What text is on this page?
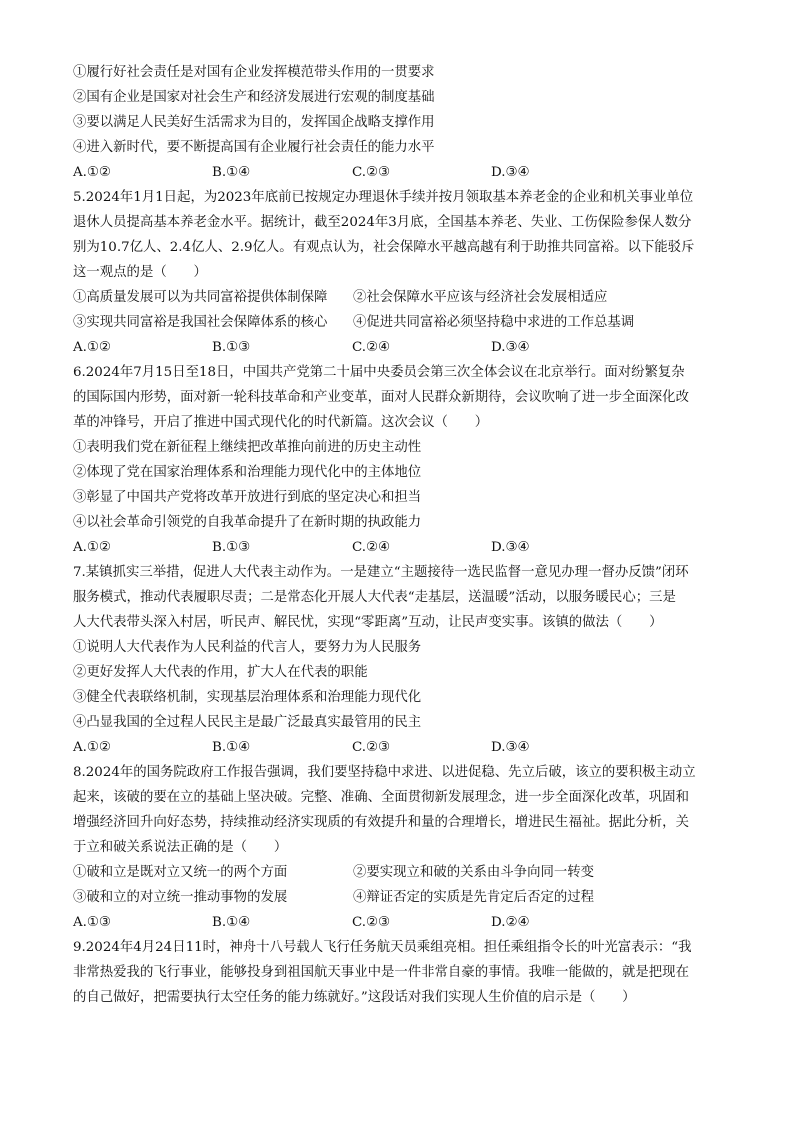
①履行好社会责任是对国有企业发挥模范带头作用的一贯要求
②国有企业是国家对社会生产和经济发展进行宏观的制度基础
③要以满足人民美好生活需求为目的，发挥国企战略支撑作用
④进入新时代，要不断提高国有企业履行社会责任的能力水平
A.①②	B.①④	C.②③	D.③④
5.2024年1月1日起，为2023年底前已按规定办理退休手续并按月领取基本养老金的企业和机关事业单位
退休人员提高基本养老金水平。据统计，截至2024年3月底，全国基本养老、失业、工伤保险参保人数分
别为10.7亿人、2.4亿人、2.9亿人。有观点认为，社会保障水平越高越有利于助推共同富裕。以下能驳斥
这一观点的是（　　）
①高质量发展可以为共同富裕提供体制保障 ②社会保障水平应该与经济社会发展相适应
③实现共同富裕是我国社会保障体系的核心 ④促进共同富裕必须坚持稳中求进的工作总基调
A.①②	B.①③	C.②④	D.③④
6.2024年7月15日至18日，中国共产党第二十届中央委员会第三次全体会议在北京举行。面对纷繁复杂
的国际国内形势，面对新一轮科技革命和产业变革，面对人民群众新期待，会议吹响了进一步全面深化改
革的冲锋号，开启了推进中国式现代化的时代新篇。这次会议（　　）
①表明我们党在新征程上继续把改革推向前进的历史主动性
②体现了党在国家治理体系和治理能力现代化中的主体地位
③彰显了中国共产党将改革开放进行到底的坚定决心和担当
④以社会革命引领党的自我革命提升了在新时期的执政能力
A.①②	B.①③	C.②④	D.③④
7.某镇抓实三举措，促进人大代表主动作为。一是建立“主题接待一选民监督一意见办理一督办反馈”闭环
服务模式，推动代表履职尽责；二是常态化开展人大代表“走基层，送温暖”活动，以服务暖民心；三是
人大代表带头深入村居，听民声、解民忧，实现“零距离”互动，让民声变实事。该镇的做法（　　）
①说明人大代表作为人民利益的代言人，要努力为人民服务
②更好发挥人大代表的作用，扩大人在代表的职能
③健全代表联络机制，实现基层治理体系和治理能力现代化
④凸显我国的全过程人民民主是最广泛最真实最管用的民主
A.①②	B.①④	C.②③	D.③④
8.2024年的国务院政府工作报告强调，我们要坚持稳中求进、以进促稳、先立后破，该立的要积极主动立
起来，该破的要在立的基础上坚决破。完整、准确、全面贯彻新发展理念，进一步全面深化改革，巩固和
增强经济回升向好态势，持续推动经济实现质的有效提升和量的合理增长，增进民生福祉。据此分析，关
于立和破关系说法正确的是（　　）
①破和立是既对立又统一的两个方面	②要实现立和破的关系由斗争向同一转变
③破和立的对立统一推动事物的发展	④辩证否定的实质是先肯定后否定的过程
A.①③	B.①④	C.②③	D.②④
9.2024年4月24日11时，神舟十八号载人飞行任务航天员乘组亮相。担任乘组指令长的叶光富表示：“我
非常热爱我的飞行事业，能够投身到祖国航天事业中是一件非常自豪的事情。我唯一能做的，就是把现在
的自己做好，把需要执行太空任务的能力练就好。”这段话对我们实现人生价值的启示是（　　）
